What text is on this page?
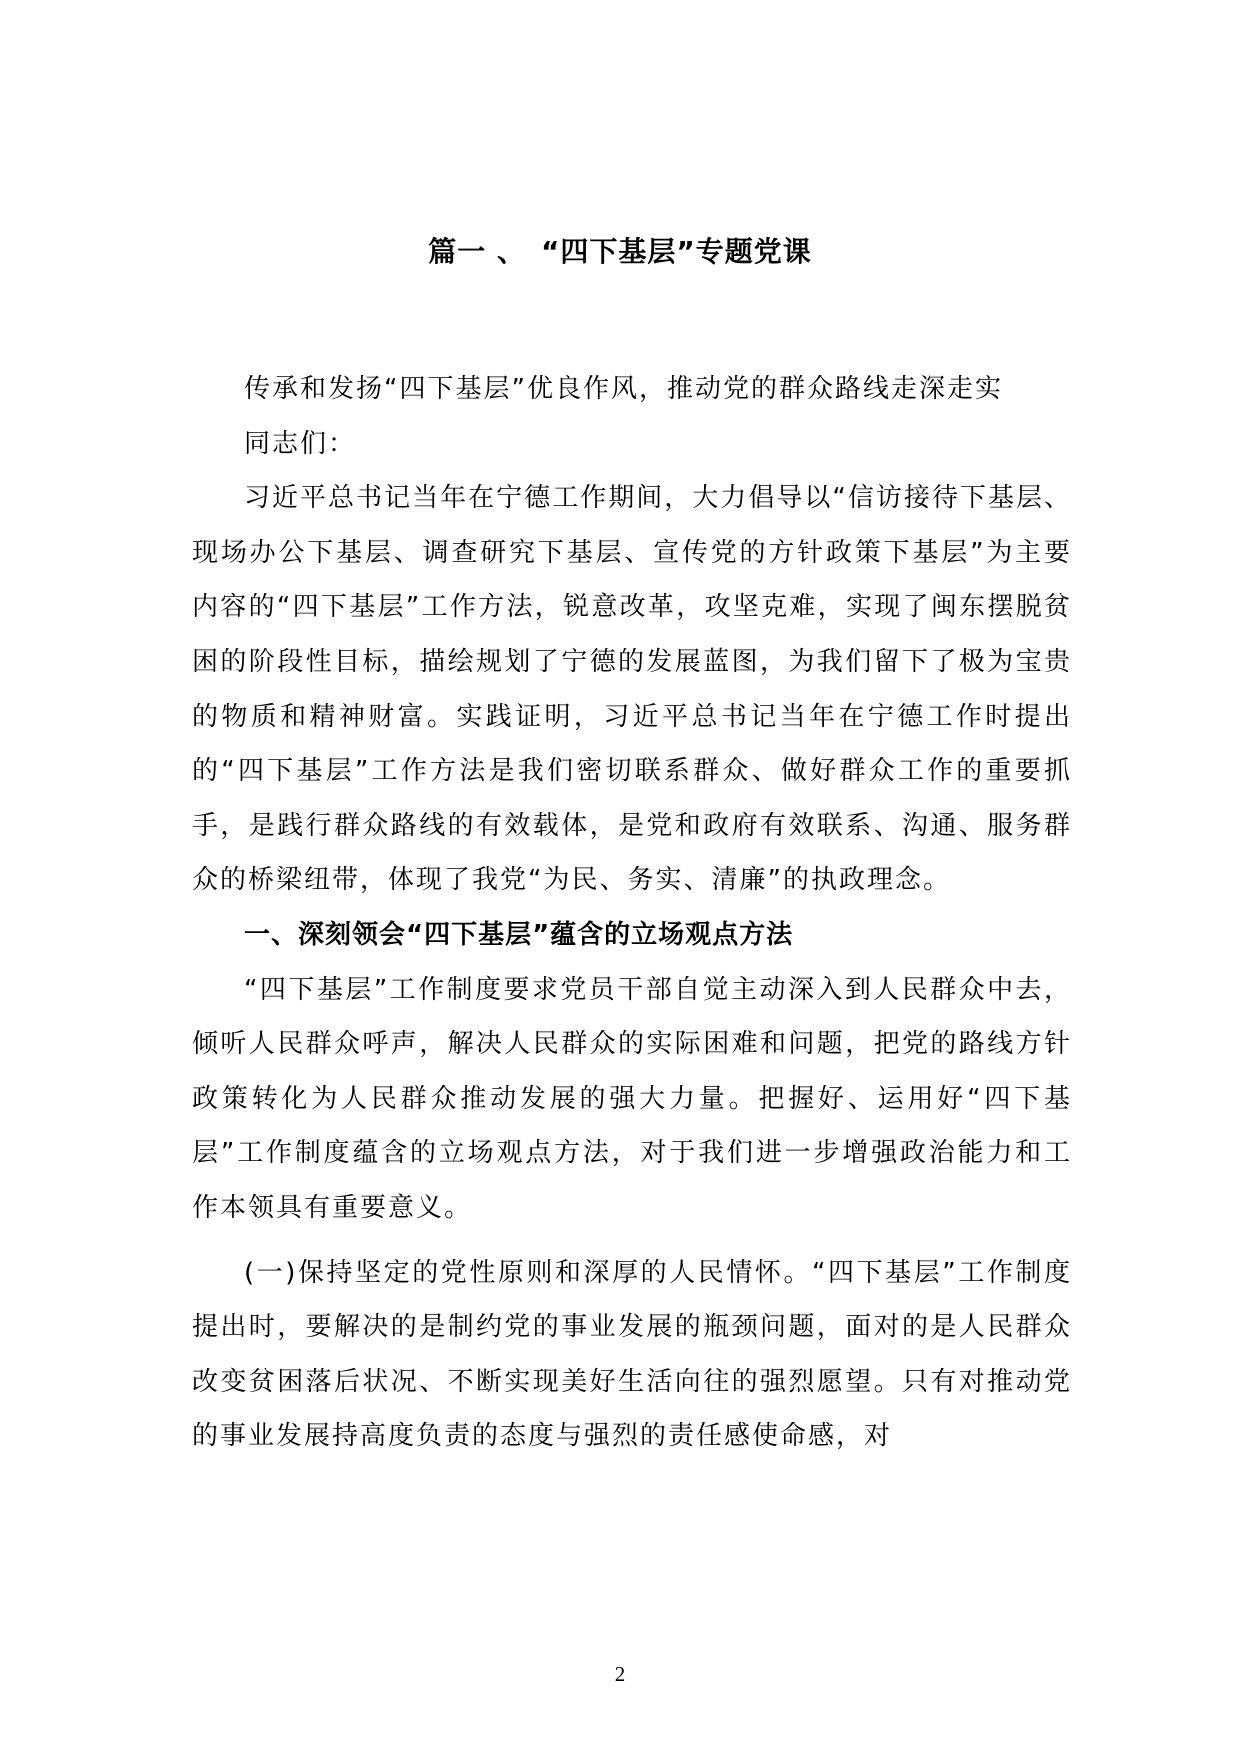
篇一 、　“四下基层”专题党课

传承和发扬“四下基层”优良作风，推动党的群众路线走深走实

同志们：

习近平总书记当年在宁德工作期间，大力倡导以“信访接待下基层、现场办公下基层、调查研究下基层、宣传党的方针政策下基层”为主要内容的“四下基层”工作方法，锐意改革，攻坚克难，实现了闽东摆脱贫困的阶段性目标，描绘规划了宁德的发展蓝图，为我们留下了极为宝贵的物质和精神财富。实践证明，习近平总书记当年在宁德工作时提出的“四下基层”工作方法是我们密切联系群众、做好群众工作的重要抓手，是践行群众路线的有效载体，是党和政府有效联系、沟通、服务群众的桥梁纽带，体现了我党“为民、务实、清廉”的执政理念。

一、深刻领会“四下基层”蕴含的立场观点方法

“四下基层”工作制度要求党员干部自觉主动深入到人民群众中去，倾听人民群众呼声，解决人民群众的实际困难和问题，把党的路线方针政策转化为人民群众推动发展的强大力量。把握好、运用好“四下基层”工作制度蕴含的立场观点方法，对于我们进一步增强政治能力和工作本领具有重要意义。

(一)保持坚定的党性原则和深厚的人民情怀。“四下基层”工作制度提出时，要解决的是制约党的事业发展的瓶颈问题，面对的是人民群众改变贫困落后状况、不断实现美好生活向往的强烈愿望。只有对推动党的事业发展持高度负责的态度与强烈的责任感使命感，对

2
